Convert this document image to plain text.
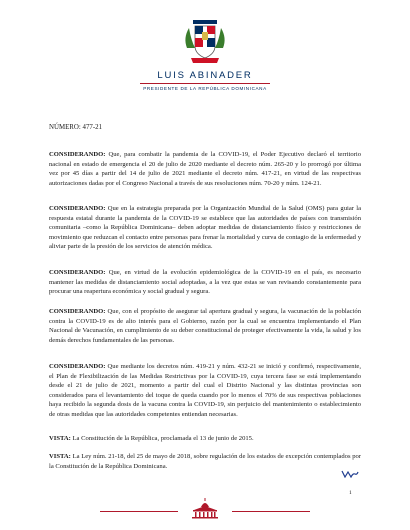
LUIS ABINADER
PRESIDENTE DE LA REPÚBLICA DOMINICANA
NÚMERO: 477-21

CONSIDERANDO: Que, para combatir la pandemia de la COVID-19, el Poder Ejecutivo declaró el territorio nacional en estado de emergencia el 20 de julio de 2020 mediante el decreto núm. 265-20 y lo prorrogó por última vez por 45 días a partir del 14 de julio de 2021 mediante el decreto núm. 417-21, en virtud de las respectivas autorizaciones dadas por el Congreso Nacional a través de sus resoluciones núm. 70-20 y núm. 124-21.

CONSIDERANDO: Que en la estrategia preparada por la Organización Mundial de la Salud (OMS) para guiar la respuesta estatal durante la pandemia de la COVID-19 se establece que las autoridades de países con transmisión comunitaria –como la República Dominicana– deben adoptar medidas de distanciamiento físico y restricciones de movimiento que reduzcan el contacto entre personas para frenar la mortalidad y curva de contagio de la enfermedad y aliviar parte de la presión de los servicios de atención médica.

CONSIDERANDO: Que, en virtud de la evolución epidemiológica de la COVID-19 en el país, es necesario mantener las medidas de distanciamiento social adoptadas, a la vez que estas se van revisando constantemente para procurar una reapertura económica y social gradual y segura.

CONSIDERANDO: Que, con el propósito de asegurar tal apertura gradual y segura, la vacunación de la población contra la COVID-19 es de alto interés para el Gobierno, razón por la cual se encuentra implementando el Plan Nacional de Vacunación, en cumplimiento de su deber constitucional de proteger efectivamente la vida, la salud y los demás derechos fundamentales de las personas.

CONSIDERANDO: Que mediante los decretos núm. 419-21 y núm. 432-21 se inició y confirmó, respectivamente, el Plan de Flexibilización de las Medidas Restrictivas por la COVID-19, cuya tercera fase se está implementando desde el 21 de julio de 2021, momento a partir del cual el Distrito Nacional y las distintas provincias son considerados para el levantamiento del toque de queda cuando por lo menos el 70% de sus respectivas poblaciones haya recibido la segunda dosis de la vacuna contra la COVID-19, sin perjuicio del mantenimiento o establecimiento de otras medidas que las autoridades competentes entiendan necesarias.

VISTA: La Constitución de la República, proclamada el 13 de junio de 2015.

VISTA: La Ley núm. 21-18, del 25 de mayo de 2018, sobre regulación de los estados de excepción contemplados por la Constitución de la República Dominicana.

1
